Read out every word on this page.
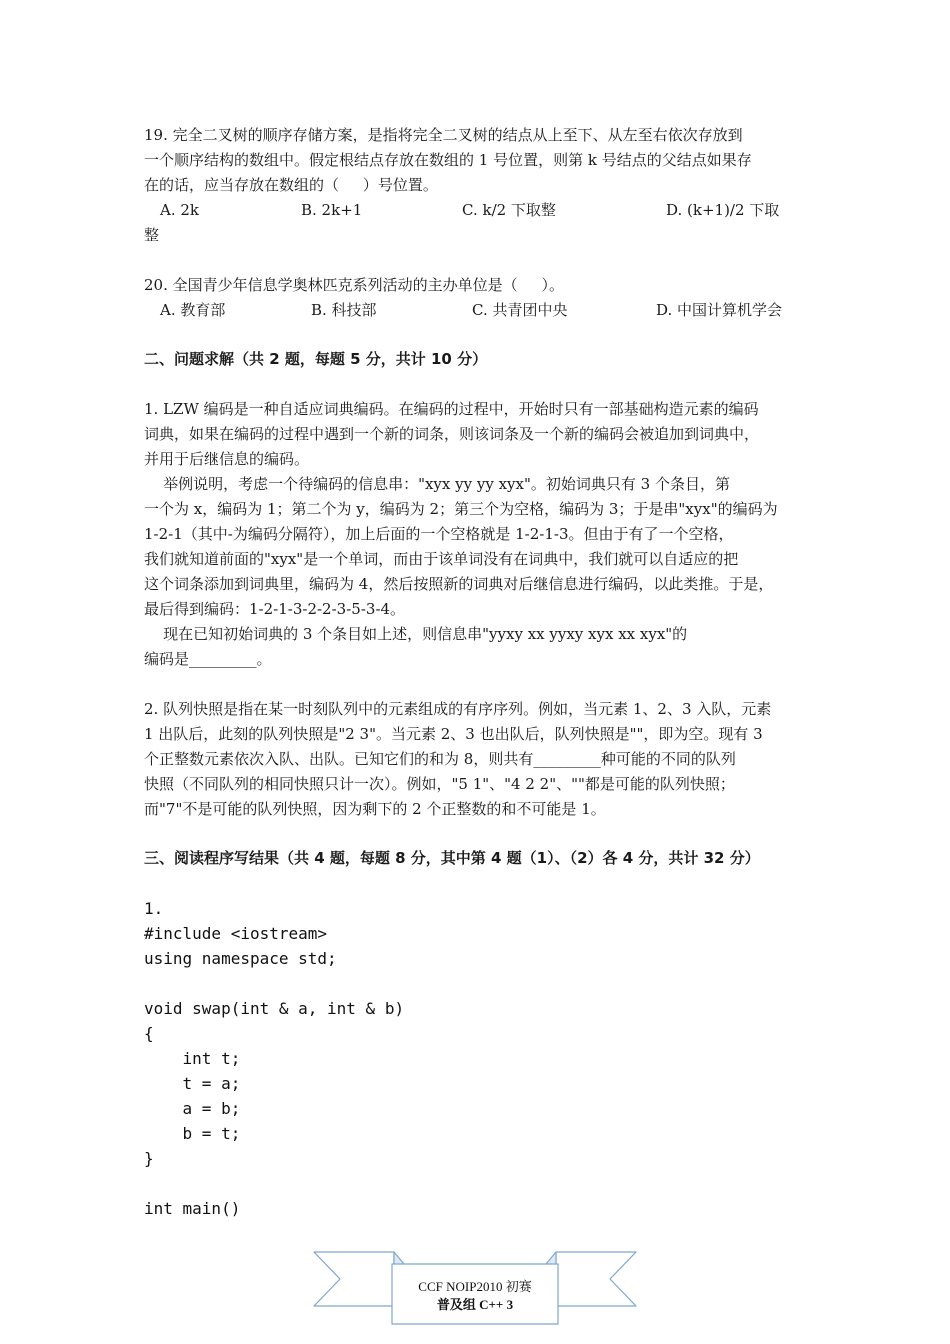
19. 完全二叉树的顺序存储方案，是指将完全二叉树的结点从上至下、从左至右依次存放到
一个顺序结构的数组中。假定根结点存放在数组的 1 号位置，则第 k 号结点的父结点如果存
在的话，应当存放在数组的（     ）号位置。
A. 2k	B. 2k+1	C. k/2 下取整	D. (k+1)/2 下取
整
20. 全国青少年信息学奥林匹克系列活动的主办单位是（     ）。
A. 教育部	B. 科技部	C. 共青团中央	D. 中国计算机学会
二、问题求解（共 2 题，每题 5 分，共计 10 分）
1. LZW 编码是一种自适应词典编码。在编码的过程中，开始时只有一部基础构造元素的编码
词典，如果在编码的过程中遇到一个新的词条，则该词条及一个新的编码会被追加到词典中，
并用于后继信息的编码。
举例说明，考虑一个待编码的信息串："xyx yy yy xyx"。初始词典只有 3 个条目，第
一个为 x，编码为 1；第二个为 y，编码为 2；第三个为空格，编码为 3；于是串"xyx"的编码为
1-2-1（其中-为编码分隔符），加上后面的一个空格就是 1-2-1-3。但由于有了一个空格，
我们就知道前面的"xyx"是一个单词，而由于该单词没有在词典中，我们就可以自适应的把
这个词条添加到词典里，编码为 4，然后按照新的词典对后继信息进行编码，以此类推。于是，
最后得到编码：1-2-1-3-2-2-3-5-3-4。
现在已知初始词典的 3 个条目如上述，则信息串"yyxy xx yyxy xyx xx xyx"的
编码是_________。
2. 队列快照是指在某一时刻队列中的元素组成的有序序列。例如，当元素 1、2、3 入队，元素
1 出队后，此刻的队列快照是"2 3"。当元素 2、3 也出队后，队列快照是""，即为空。现有 3
个正整数元素依次入队、出队。已知它们的和为 8，则共有_________种可能的不同的队列
快照（不同队列的相同快照只计一次）。例如，"5 1"、"4 2 2"、""都是可能的队列快照；
而"7"不是可能的队列快照，因为剩下的 2 个正整数的和不可能是 1。
三、阅读程序写结果（共 4 题，每题 8 分，其中第 4 题（1）、（2）各 4 分，共计 32 分）
1.
#include <iostream>
using namespace std;
void swap(int & a, int & b)
{
int t;
t = a;
a = b;
b = t;
}
int main()
CCF NOIP2010 初赛
普及组 C++ 3
